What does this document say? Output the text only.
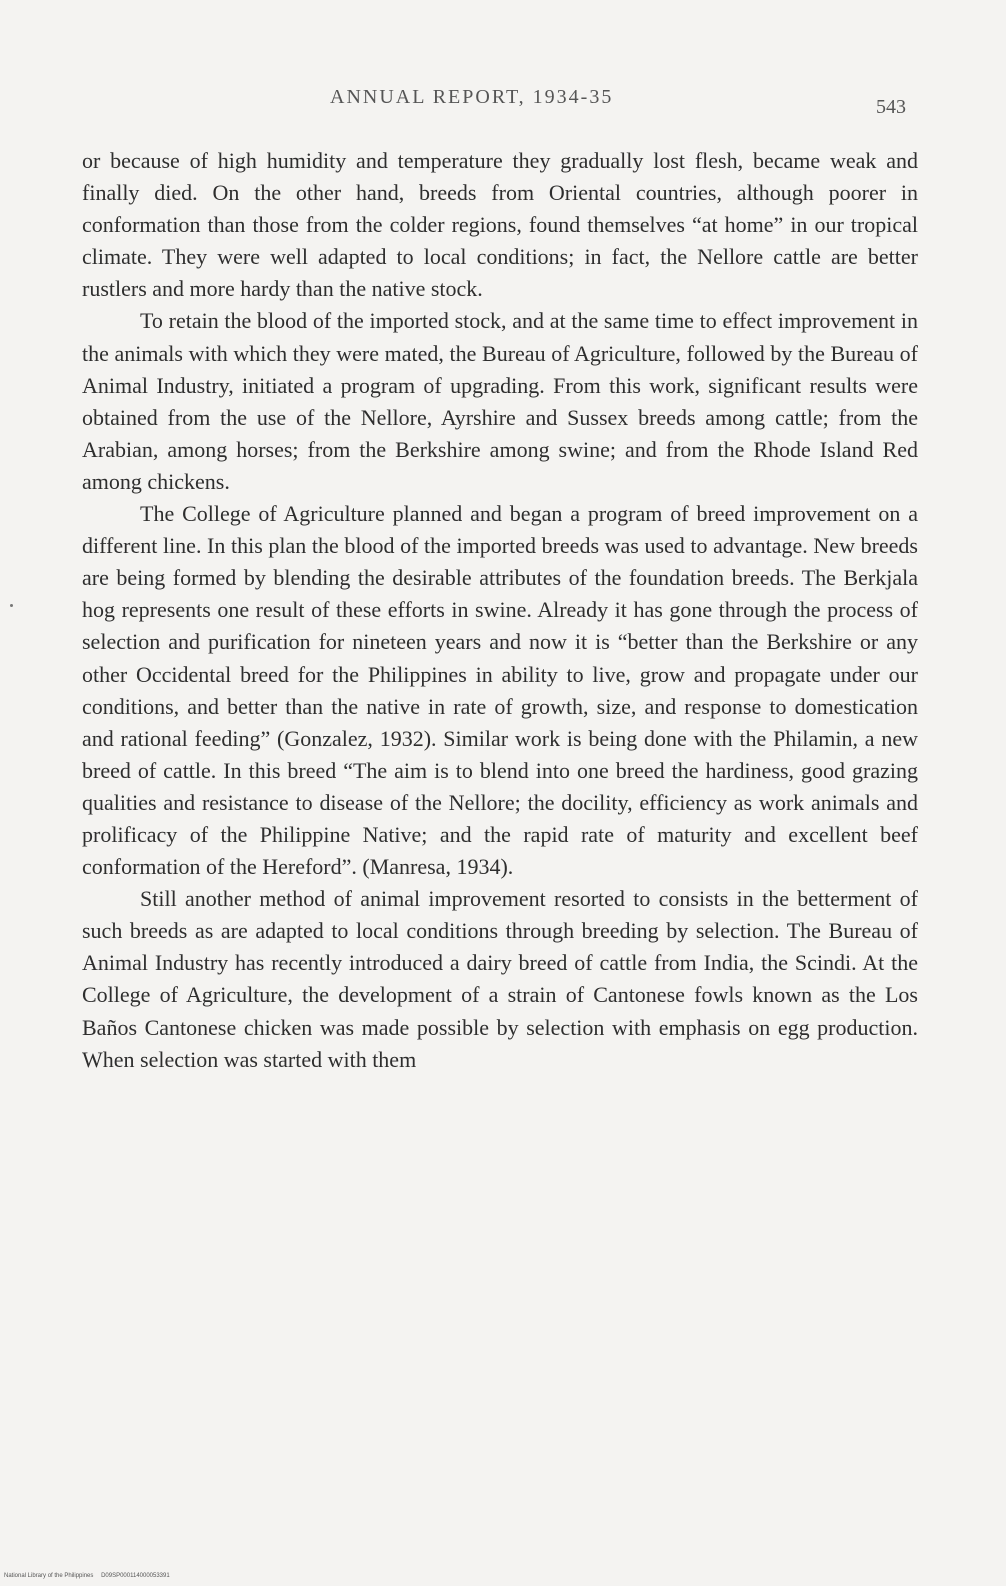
ANNUAL REPORT, 1934-35	543

or because of high humidity and temperature they gradually lost flesh, became weak and finally died. On the other hand, breeds from Oriental countries, although poorer in conformation than those from the colder regions, found themselves “at home” in our tropical climate. They were well adapted to local conditions; in fact, the Nellore cattle are better rustlers and more hardy than the native stock.

To retain the blood of the imported stock, and at the same time to effect improvement in the animals with which they were mated, the Bureau of Agriculture, followed by the Bureau of Animal Industry, initiated a program of upgrading. From this work, significant results were obtained from the use of the Nellore, Ayrshire and Sussex breeds among cattle; from the Arabian, among horses; from the Berkshire among swine; and from the Rhode Island Red among chickens.

The College of Agriculture planned and began a program of breed improvement on a different line. In this plan the blood of the imported breeds was used to advantage. New breeds are being formed by blending the desirable attributes of the foundation breeds. The Berkjala hog represents one result of these efforts in swine. Already it has gone through the process of selection and purification for nineteen years and now it is “better than the Berkshire or any other Occidental breed for the Philippines in ability to live, grow and propagate under our conditions, and better than the native in rate of growth, size, and response to domestication and rational feeding” (Gonzalez, 1932). Similar work is being done with the Philamin, a new breed of cattle. In this breed “The aim is to blend into one breed the hardiness, good grazing qualities and resistance to disease of the Nellore; the docility, efficiency as work animals and prolificacy of the Philippine Native; and the rapid rate of maturity and excellent beef conformation of the Hereford”. (Manresa, 1934).

Still another method of animal improvement resorted to consists in the betterment of such breeds as are adapted to local conditions through breeding by selection. The Bureau of Animal Industry has recently introduced a dairy breed of cattle from India, the Scindi. At the College of Agriculture, the development of a strain of Cantonese fowls known as the Los Baños Cantonese chicken was made possible by selection with emphasis on egg production. When selection was started with them

National Library of the Philippines D09SP000114000053391
